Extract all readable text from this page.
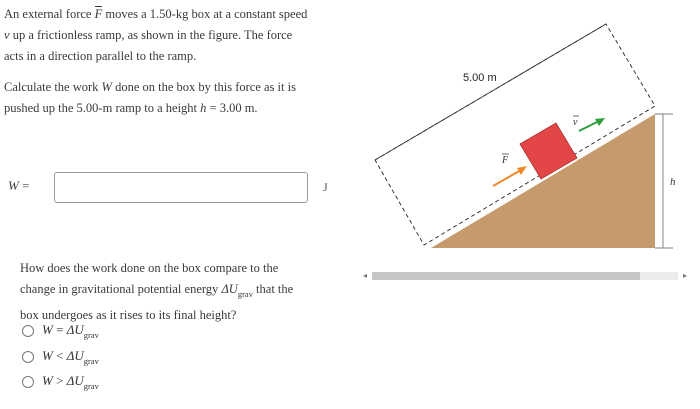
An external force F moves a 1.50-kg box at a constant speed
v up a frictionless ramp, as shown in the figure. The force
acts in a direction parallel to the ramp.
Calculate the work W done on the box by this force as it is
pushed up the 5.00-m ramp to a height h = 3.00 m.
W =	J
How does the work done on the box compare to the
change in gravitational potential energy $\Delta U_{grav}$ that the
box undergoes as it rises to its final height?
$W = \Delta U_{grav}$
$W < \Delta U_{grav}$
$W > \Delta U_{grav}$
5.00 m
h
F
v
◂	▸
